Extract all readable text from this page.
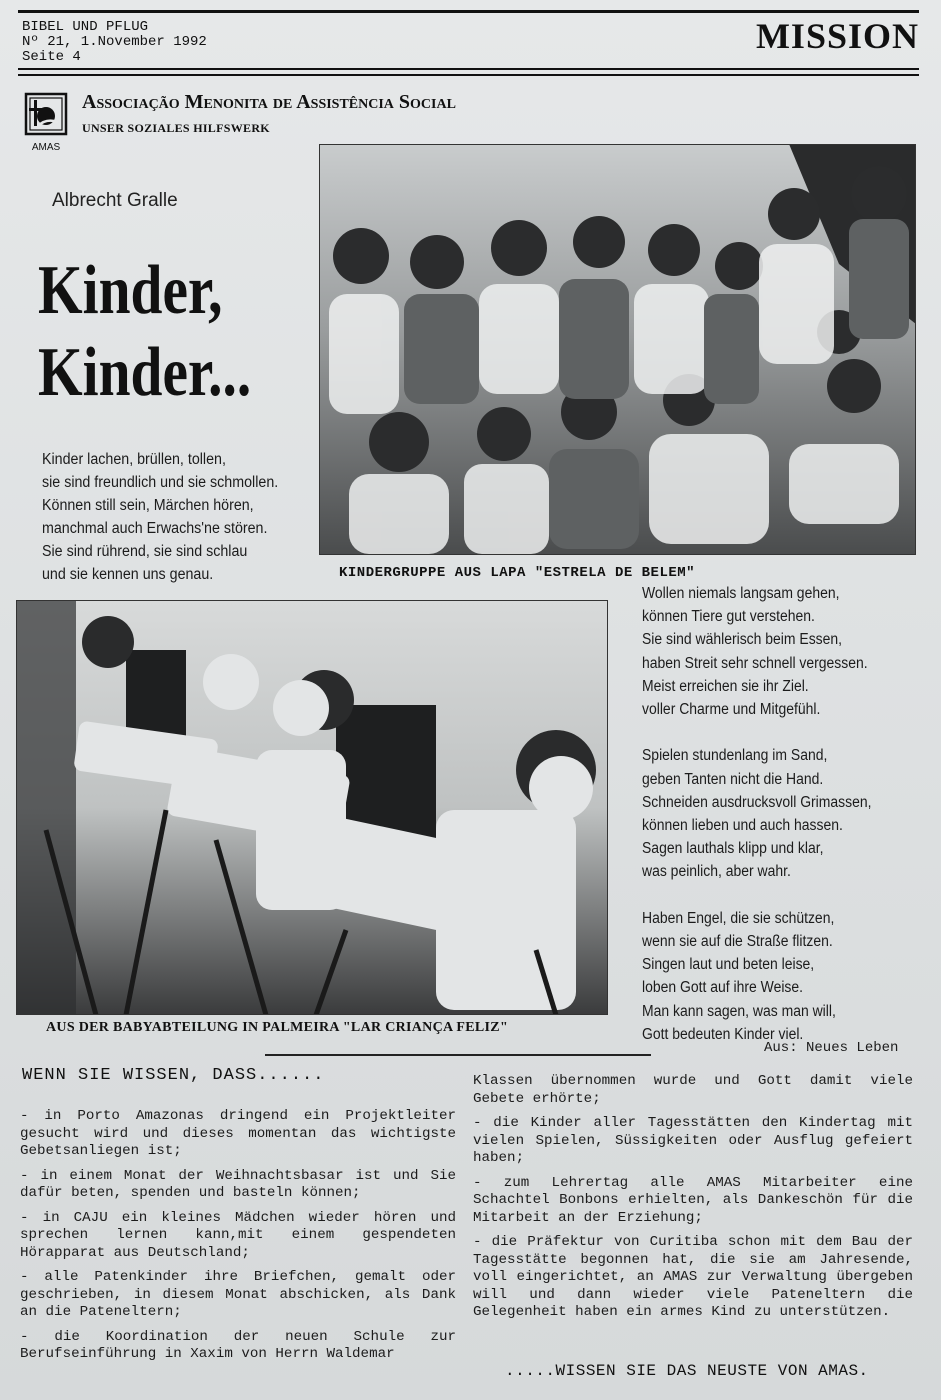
BIBEL UND PFLUG
Nº 21, 1.November 1992
Seite 4
MISSION
AMAS
Associação Menonita de Assistência Social
UNSER SOZIALES HILFSWERK
Albrecht Gralle
Kinder,
Kinder...
Kinder lachen, brüllen, tollen,
sie sind freundlich und sie schmollen.
Können still sein, Märchen hören,
manchmal auch Erwachs'ne stören.
Sie sind rührend, sie sind schlau
und sie kennen uns genau.	KINDERGRUPPE AUS LAPA "ESTRELA DE BELEM"
AUS DER BABYABTEILUNG IN PALMEIRA "LAR CRIANÇA FELIZ"
Wollen niemals langsam gehen,
können Tiere gut verstehen.
Sie sind wählerisch beim Essen,
haben Streit sehr schnell vergessen.
Meist erreichen sie ihr Ziel.
voller Charme und Mitgefühl.

Spielen stundenlang im Sand,
geben Tanten nicht die Hand.
Schneiden ausdrucksvoll Grimassen,
können lieben und auch hassen.
Sagen lauthals klipp und klar,
was peinlich, aber wahr.

Haben Engel, die sie schützen,
wenn sie auf die Straße flitzen.
Singen laut und beten leise,
loben Gott auf ihre Weise.
Man kann sagen, was man will,
Gott bedeuten Kinder viel.
Aus: Neues Leben
WENN SIE WISSEN, DASS......
- in Porto Amazonas dringend ein Projektleiter gesucht wird und dieses momentan das wichtigste Gebetsanliegen ist;
- in einem Monat der Weihnachtsbasar ist und Sie dafür beten, spenden und basteln können;
- in CAJU ein kleines Mädchen wieder hören und sprechen lernen kann,mit einem gespendeten Hörapparat aus Deutschland;
- alle Patenkinder ihre Briefchen, gemalt oder geschrieben, in diesem Monat abschicken, als Dank an die Pateneltern;
- die Koordination der neuen Schule zur Berufseinführung in Xaxim von Herrn Waldemar
Klassen übernommen wurde und Gott damit viele Gebete erhörte;
- die Kinder aller Tagesstätten den Kindertag mit vielen Spielen, Süssigkeiten oder Ausflug gefeiert haben;
- zum Lehrertag alle AMAS Mitarbeiter eine Schachtel Bonbons erhielten, als Dankeschön für die Mitarbeit an der Erziehung;
- die Präfektur von Curitiba schon mit dem Bau der Tagesstätte begonnen hat, die sie am Jahresende, voll eingerichtet, an AMAS zur Verwaltung übergeben will und dann wieder viele Pateneltern die Gelegenheit haben ein armes Kind zu unterstützen.
.....WISSEN SIE DAS NEUSTE VON AMAS.
